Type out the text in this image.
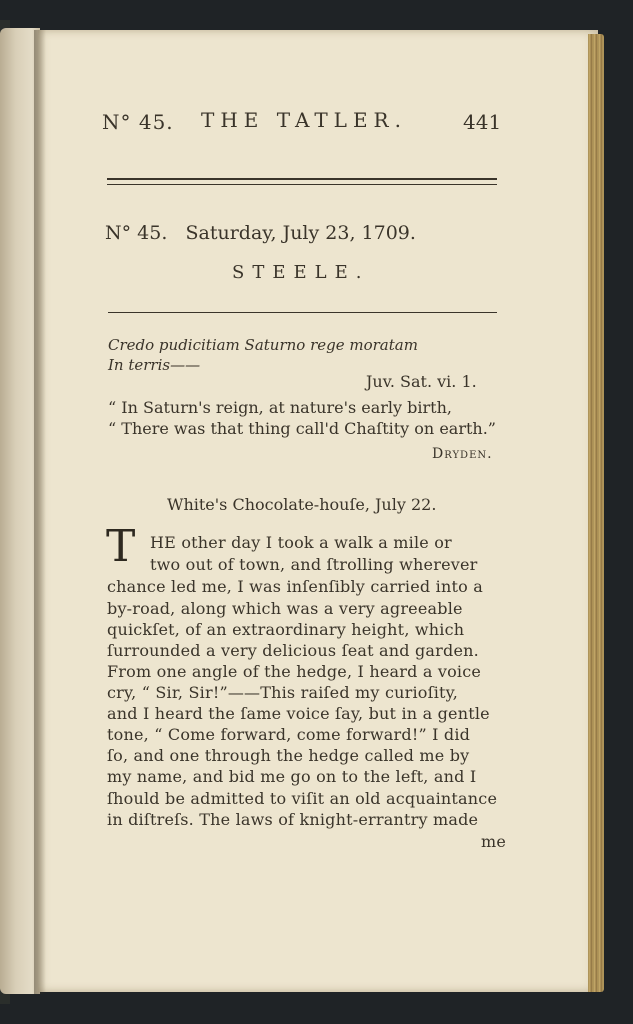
N° 45. THE TATLER.	441
N° 45.   Saturday, July 23, 1709.
STEELE.
Credo pudicitiam Saturno rege moratam
In terris——
Juv. Sat. vi. 1.
“ In Saturn's reign, at nature's early birth,
“ There was that thing call'd Chaſtity on earth.”
Dryden.
White's Chocolate-houſe, July 22.
T HE other day I took a walk a mile or
two out of town, and ſtrolling wherever
chance led me, I was inſenſibly carried into a
by-road, along which was a very agreeable
quickſet, of an extraordinary height, which
ſurrounded a very delicious ſeat and garden.
From one angle of the hedge, I heard a voice
cry, “ Sir, Sir!”——This raiſed my curioſity,
and I heard the ſame voice ſay, but in a gentle
tone, “ Come forward, come forward!” I did
ſo, and one through the hedge called me by
my name, and bid me go on to the left, and I
ſhould be admitted to viſit an old acquaintance
in diſtreſs. The laws of knight-errantry made
me
